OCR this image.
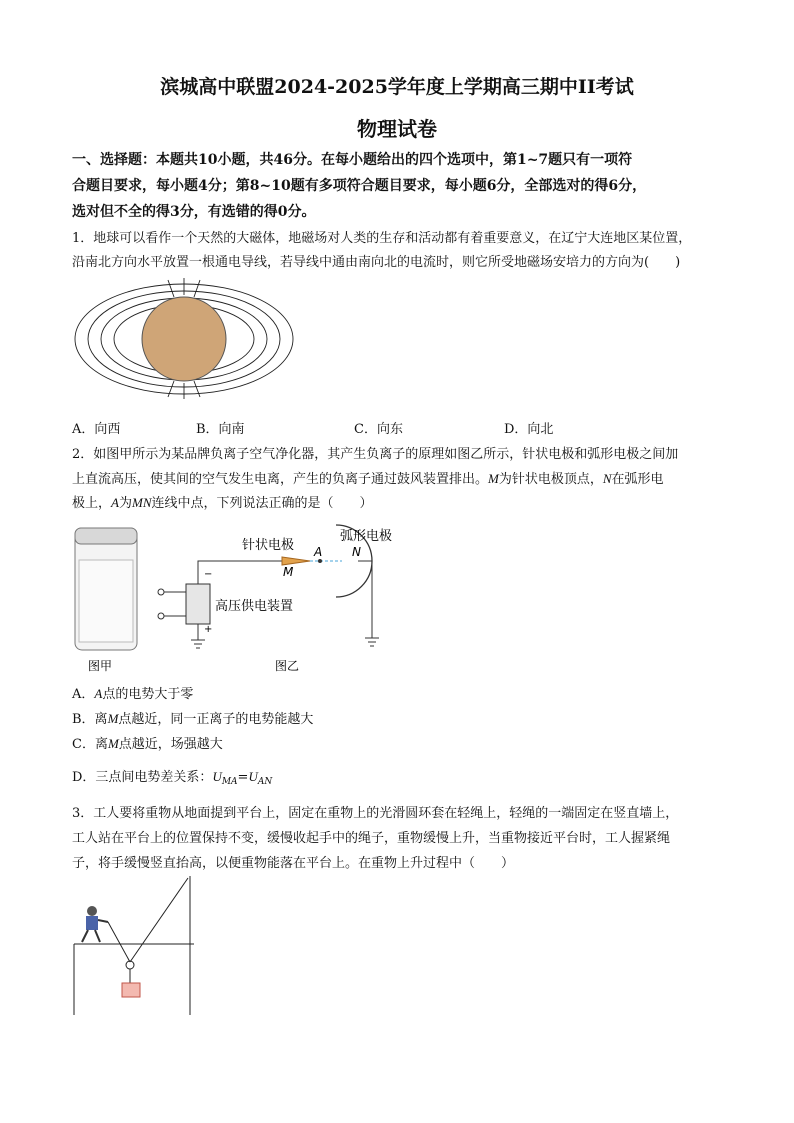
滨城高中联盟2024-2025学年度上学期高三期中II考试
物理试卷
一、选择题：本题共10小题，共46分。在每小题给出的四个选项中，第1~7题只有一项符
合题目要求，每小题4分；第8~10题有多项符合题目要求，每小题6分，全部选对的得6分，
选对但不全的得3分，有选错的得0分。
1．地球可以看作一个天然的大磁体，地磁场对人类的生存和活动都有着重要意义，在辽宁大连地区某位置，
沿南北方向水平放置一根通电导线，若导线中通由南向北的电流时，则它所受地磁场安培力的方向为(　　)
A．向西	B．向南	C．向东	D．向北
2．如图甲所示为某品牌负离子空气净化器，其产生负离子的原理如图乙所示，针状电极和弧形电极之间加
上直流高压，使其间的空气发生电离，产生的负离子通过鼓风装置排出。M为针状电极顶点，N在弧形电
极上，A为MN连线中点，下列说法正确的是（　　）
图甲
−
+
高压供电装置
针状电极 A
M
弧形电极
N
图乙
A．A点的电势大于零
B．离M点越近，同一正离子的电势能越大
C．离M点越近，场强越大
D．三点间电势差关系：$U_{MA}=U_{AN}$
3．工人要将重物从地面提到平台上，固定在重物上的光滑圆环套在轻绳上，轻绳的一端固定在竖直墙上，
工人站在平台上的位置保持不变，缓慢收起手中的绳子，重物缓慢上升，当重物接近平台时，工人握紧绳
子，将手缓慢竖直抬高，以便重物能落在平台上。在重物上升过程中（　　）
